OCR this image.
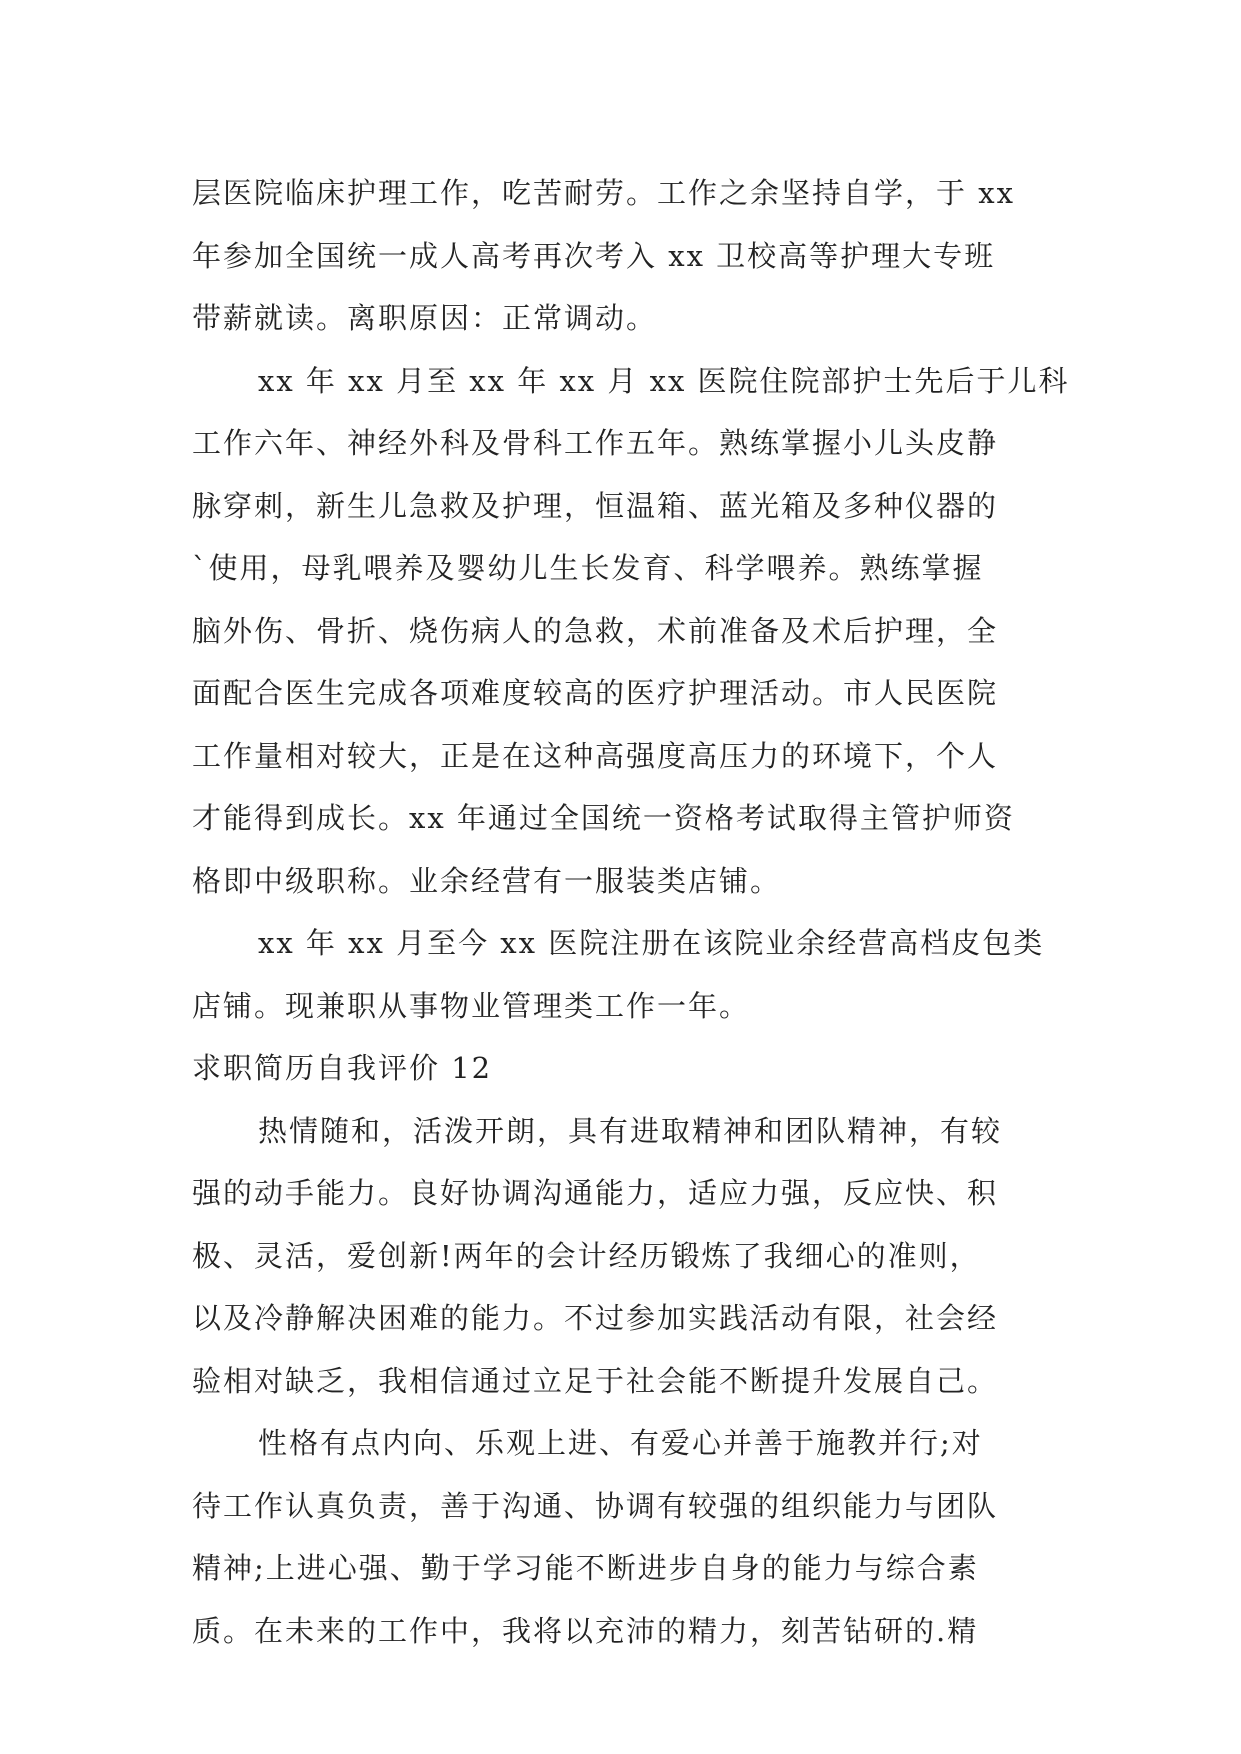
层医院临床护理工作，吃苦耐劳。工作之余坚持自学，于 xx
年参加全国统一成人高考再次考入 xx 卫校高等护理大专班
带薪就读。离职原因：正常调动。
xx 年 xx 月至 xx 年 xx 月 xx 医院住院部护士先后于儿科
工作六年、神经外科及骨科工作五年。熟练掌握小儿头皮静
脉穿刺，新生儿急救及护理，恒温箱、蓝光箱及多种仪器的
`使用，母乳喂养及婴幼儿生长发育、科学喂养。熟练掌握
脑外伤、骨折、烧伤病人的急救，术前准备及术后护理，全
面配合医生完成各项难度较高的医疗护理活动。市人民医院
工作量相对较大，正是在这种高强度高压力的环境下，个人
才能得到成长。xx 年通过全国统一资格考试取得主管护师资
格即中级职称。业余经营有一服装类店铺。
xx 年 xx 月至今 xx 医院注册在该院业余经营高档皮包类
店铺。现兼职从事物业管理类工作一年。
求职简历自我评价 12
热情随和，活泼开朗，具有进取精神和团队精神，有较
强的动手能力。良好协调沟通能力，适应力强，反应快、积
极、灵活，爱创新!两年的会计经历锻炼了我细心的准则，
以及冷静解决困难的能力。不过参加实践活动有限，社会经
验相对缺乏，我相信通过立足于社会能不断提升发展自己。
性格有点内向、乐观上进、有爱心并善于施教并行;对
待工作认真负责，善于沟通、协调有较强的组织能力与团队
精神;上进心强、勤于学习能不断进步自身的能力与综合素
质。在未来的工作中，我将以充沛的精力，刻苦钻研的.精
